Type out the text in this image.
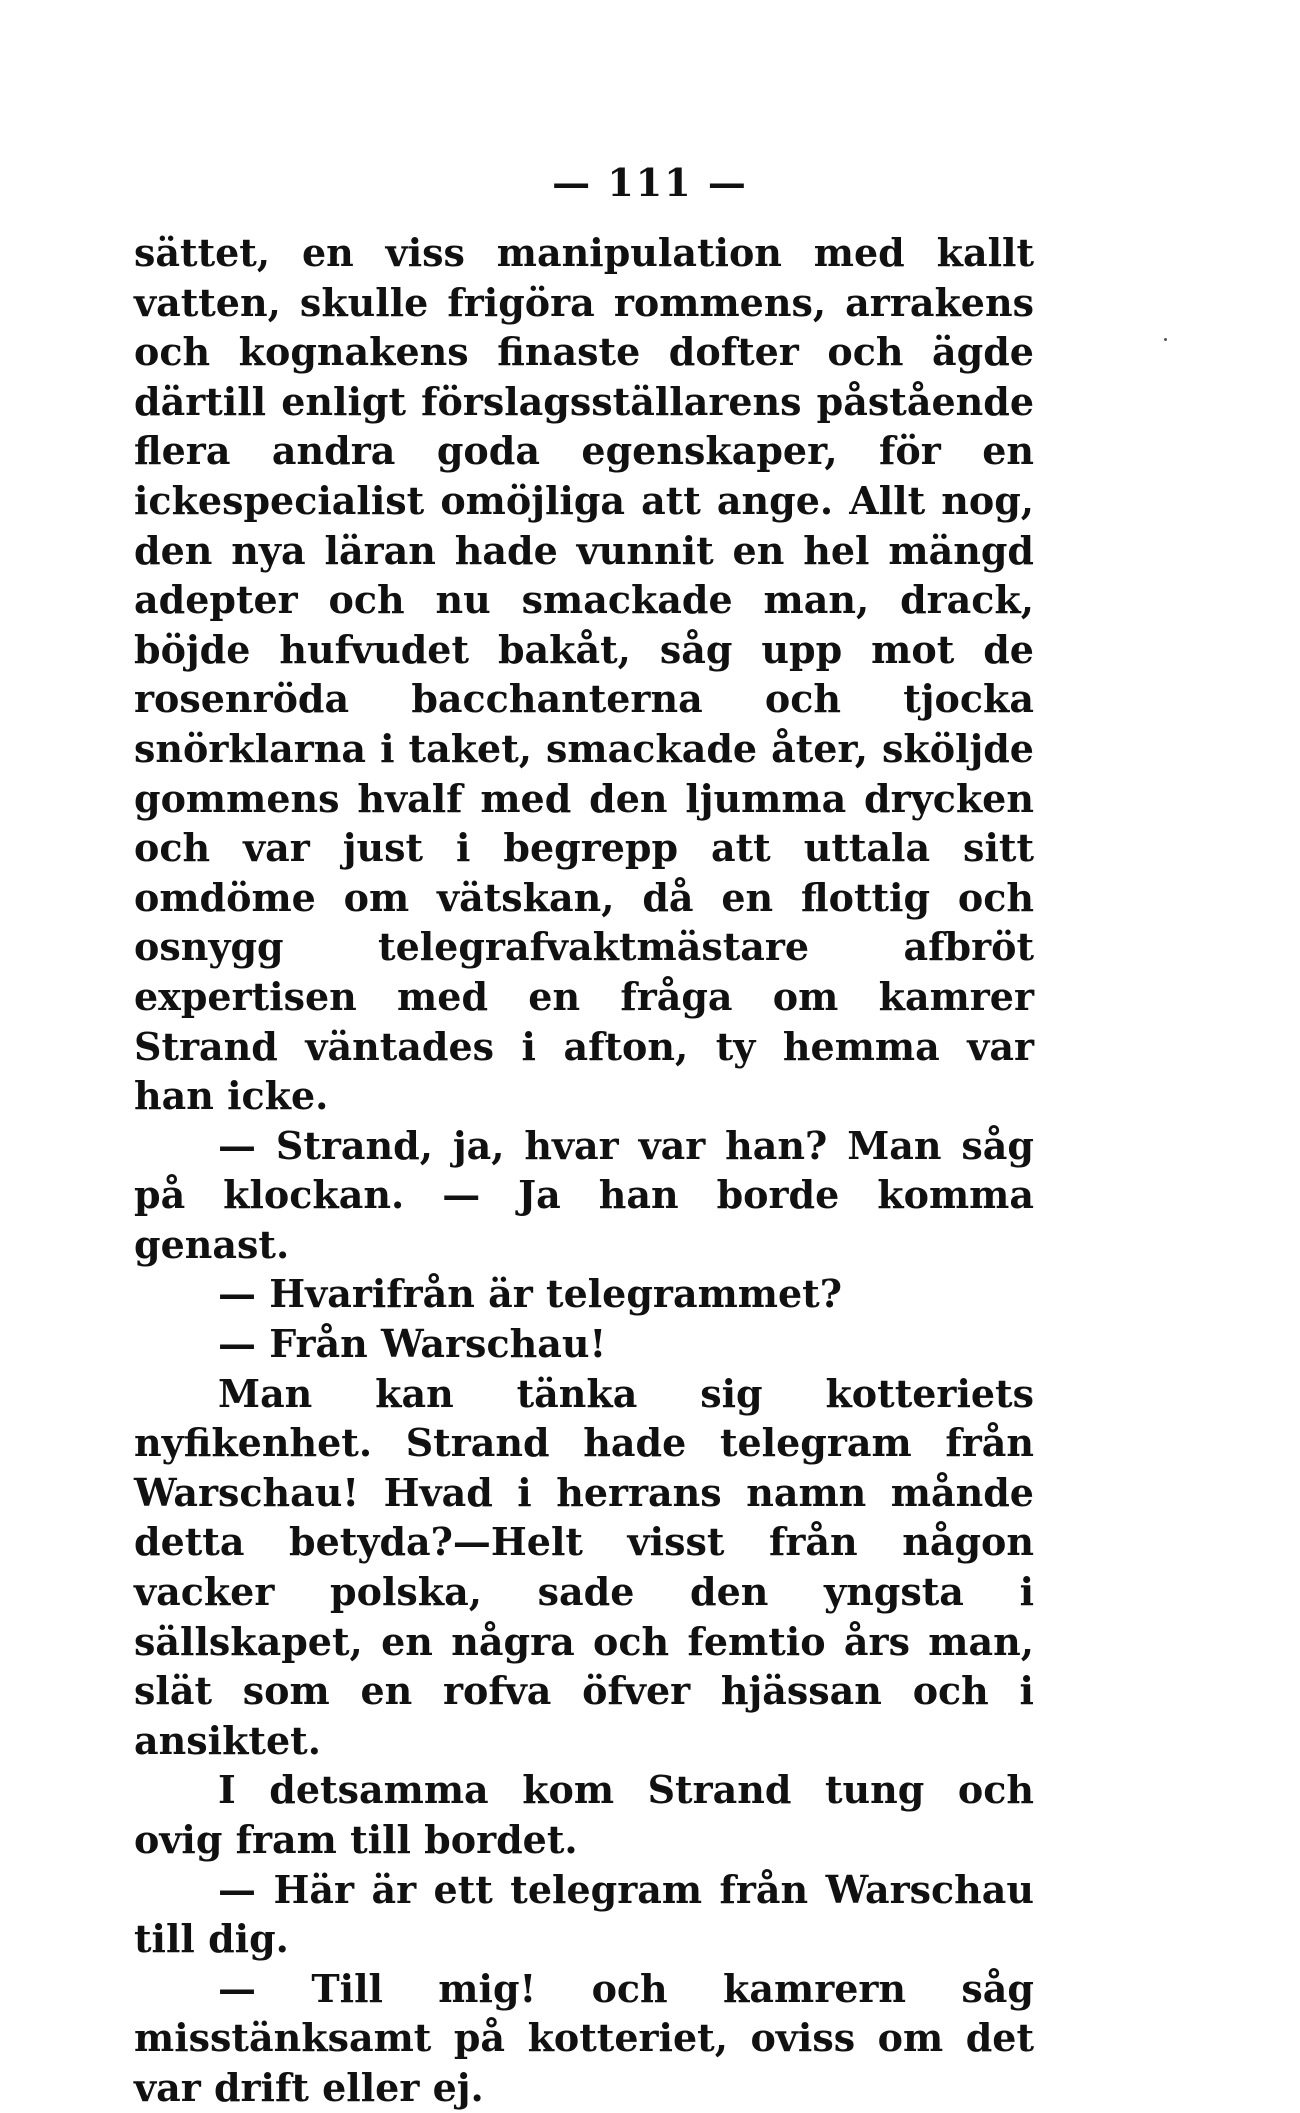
— 111 —

sättet, en viss manipulation med kallt vatten, skulle frigöra rommens, arrakens och kognakens finaste dofter och ägde därtill enligt förslagsställarens påstående flera andra goda egenskaper, för en ickespecialist omöjliga att ange. Allt nog, den nya läran hade vunnit en hel mängd adepter och nu smackade man, drack, böjde hufvudet bakåt, såg upp mot de rosenröda bacchanterna och tjocka snörklarna i taket, smackade åter, sköljde gommens hvalf med den ljumma drycken och var just i begrepp att uttala sitt omdöme om vätskan, då en flottig och osnygg telegrafvaktmästare afbröt expertisen med en fråga om kamrer Strand väntades i afton, ty hemma var han icke.

— Strand, ja, hvar var han? Man såg på klockan. — Ja han borde komma genast.

— Hvarifrån är telegrammet?

— Från Warschau!

Man kan tänka sig kotteriets nyfikenhet. Strand hade telegram från Warschau! Hvad i herrans namn månde detta betyda?—Helt visst från någon vacker polska, sade den yngsta i sällskapet, en några och femtio års man, slät som en rofva öfver hjässan och i ansiktet.

I detsamma kom Strand tung och ovig fram till bordet.

— Här är ett telegram från Warschau till dig.

— Till mig! och kamrern såg misstänksamt på kotteriet, oviss om det var drift eller ej.
